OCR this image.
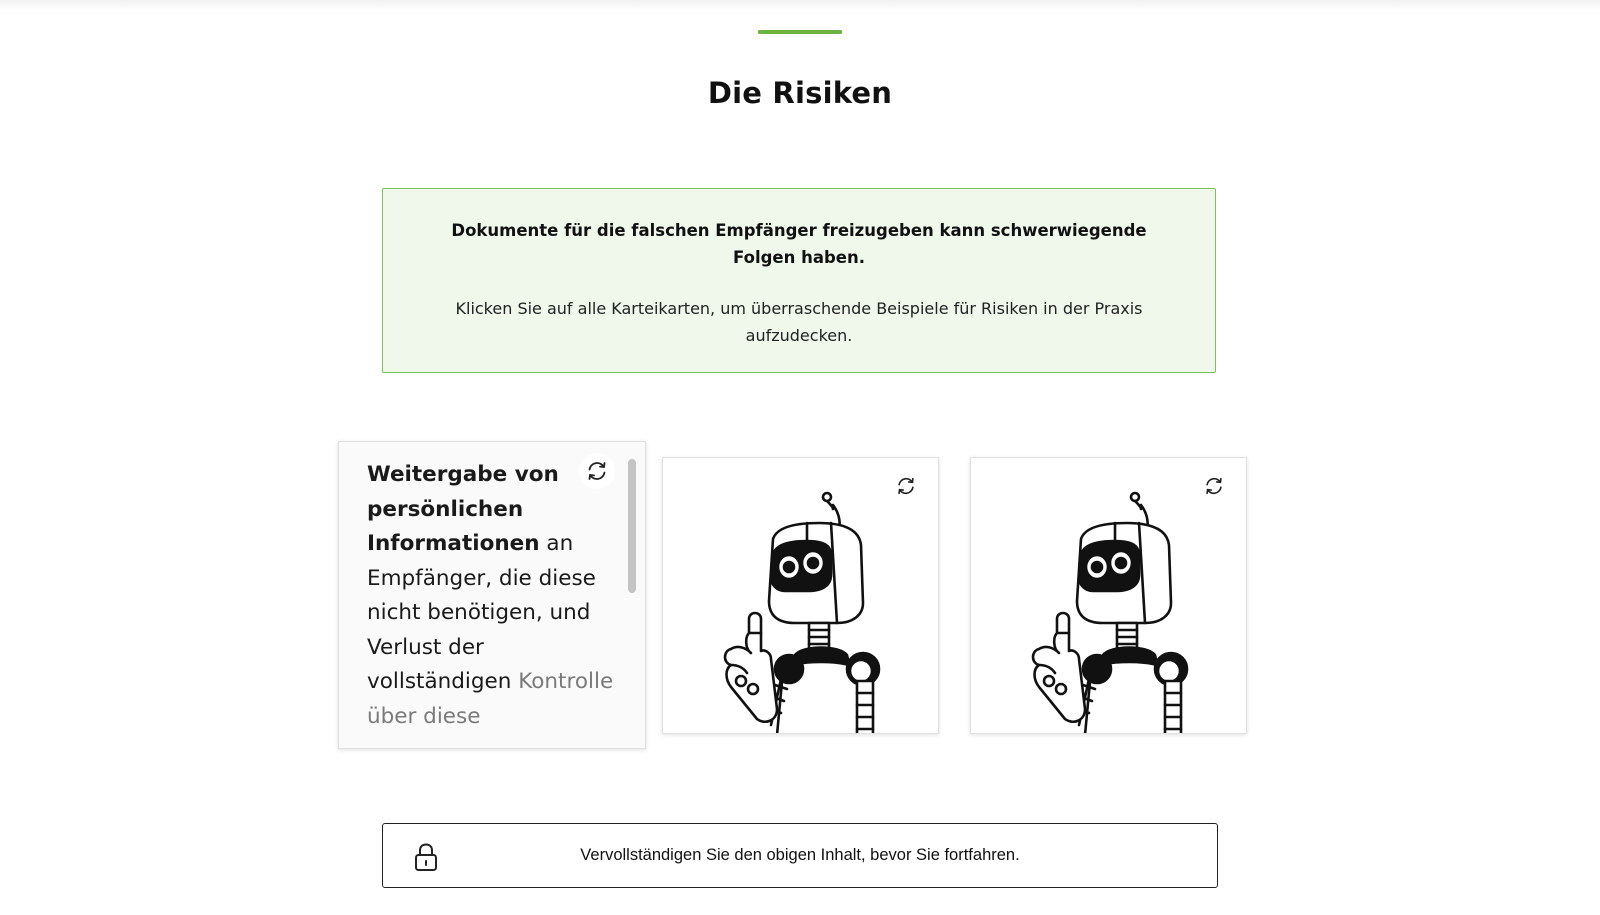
Die Risiken
Dokumente für die falschen Empfänger freizugeben kann schwerwiegende Folgen haben.
Klicken Sie auf alle Karteikarten, um überraschende Beispiele für Risiken in der Praxis aufzudecken.
Weitergabe von persönlichen Informationen an Empfänger, die diese nicht benötigen, und Verlust der vollständigen Kontrolle über diese
Vervollständigen Sie den obigen Inhalt, bevor Sie fortfahren.
